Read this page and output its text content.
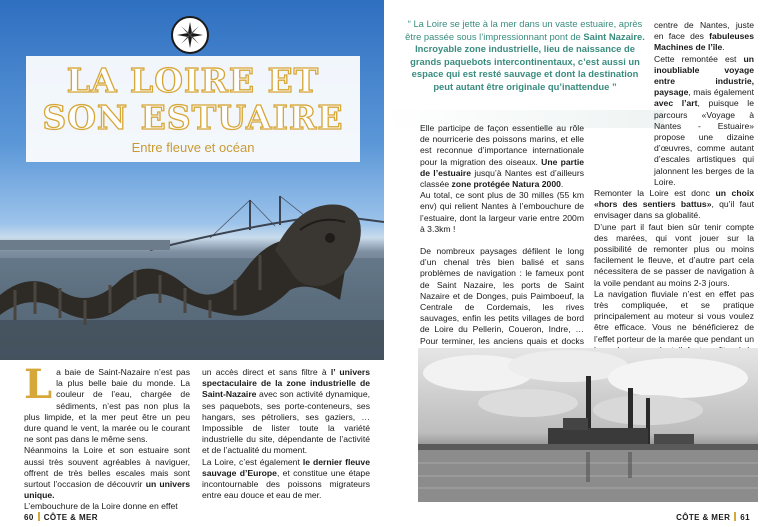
LA LOIRE ET SON ESTUAIRE
Entre fleuve et océan

La baie de Saint-Nazaire n’est pas la plus belle baie du monde. La couleur de l’eau, chargée de sédiments, n’est pas non plus la plus limpide, et la mer peut être un peu dure quand le vent, la marée ou le courant ne sont pas dans le même sens.

Néanmoins la Loire et son estuaire sont aussi très souvent agréables à naviguer, offrent de très belles escales mais sont surtout l’occasion de découvrir un univers unique.

L’embouchure de la Loire donne en effet

un accès direct et sans filtre à l’ univers spectaculaire de la zone industrielle de Saint-Nazaire avec son activité dynamique, ses paquebots, ses porte-conteneurs, ses hangars, ses pétroliers, ses gaziers, … Impossible de lister toute la variété industrielle du site, dépendante de l’activité et de l’actualité du moment.

La Loire, c’est également le dernier fleuve sauvage d’Europe, et constitue une étape incontournable des poissons migrateurs entre eau douce et eau de mer.

60 CÔTE & MER
“ La Loire se jette à la mer dans un vaste estuaire, après être passée sous l’impressionnant pont de Saint Nazaire.
Incroyable zone industrielle, lieu de naissance de grands paquebots intercontinentaux, c’est aussi un espace qui est resté sauvage et dont la destination peut autant être originale qu’inattendue ”

Elle participe de façon essentielle au rôle de nourricerie des poissons marins, et elle est reconnue d’importance internationale pour la migration des oiseaux. Une partie de l’estuaire jusqu’à Nantes est d’ailleurs classée zone protégée Natura 2000.

Au total, ce sont plus de 30 milles (55 km env) qui relient Nantes à l’embouchure de l’estuaire, dont la largeur varie entre 200m à 3.3km !

De nombreux paysages défilent le long d’un chenal très bien balisé et sans problèmes de navigation : le fameux pont de Saint Nazaire, les ports de Saint Nazaire et de Donges, puis Paimboeuf, la Centrale de Cordemais, les rives sauvages, enfin les petits villages de bord de Loire du Pellerin, Coueron, Indre, … Pour terminer, les anciens quais et docks

centre de Nantes, juste en face des fabuleuses Machines de l’île.

Cette remontée est un inoubliable voyage entre industrie, paysage, mais également avec l’art, puisque le parcours «Voyage à Nantes - Estuaire» propose une dizaine d’œuvres, comme autant d’escales artistiques qui jalonnent les berges de la Loire.

Remonter la Loire est donc un choix «hors des sentiers battus», qu’il faut envisager dans sa globalité.

D’une part il faut bien sûr tenir compte des marées, qui vont jouer sur la possibilité de remonter plus ou moins facilement le fleuve, et d’autre part cela nécessitera de se passer de navigation à la voile pendant au moins 2-3 jours.

La navigation fluviale n’est en effet pas très compliquée, et se pratique principalement au moteur si vous voulez être efficace. Vous ne bénéficierez de l’effet porteur de la marée que pendant un

CÔTE & MER 61
